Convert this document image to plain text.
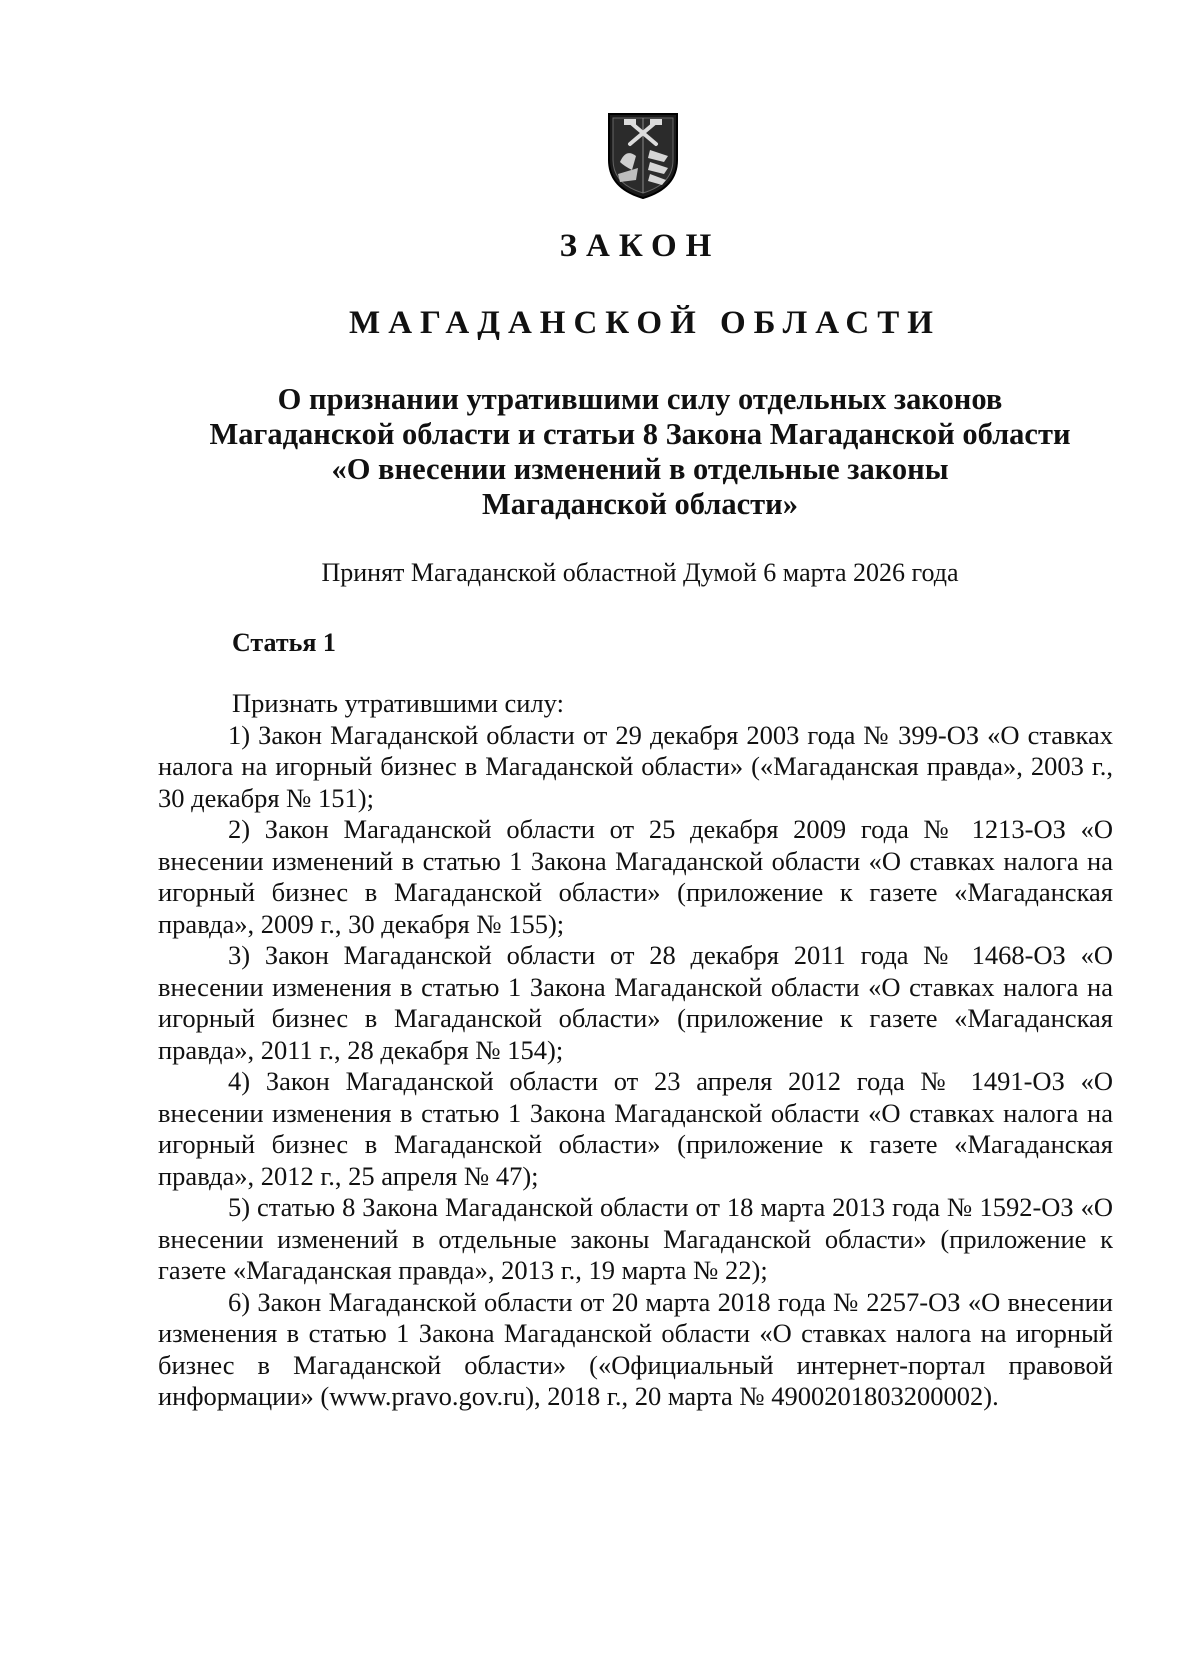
ЗАКОН
МАГАДАНСКОЙ ОБЛАСТИ
О признании утратившими силу отдельных законов
Магаданской области и статьи 8 Закона Магаданской области
«О внесении изменений в отдельные законы
Магаданской области»
Принят Магаданской областной Думой 6 марта 2026 года
Статья 1

Признать утратившими силу:

1) Закон Магаданской области от 29 декабря 2003 года № 399-ОЗ «О ставках налога на игорный бизнес в Магаданской области» («Магаданская правда», 2003 г., 30 декабря № 151);

2) Закон Магаданской области от 25 декабря 2009 года № 1213-ОЗ «О внесении изменений в статью 1 Закона Магаданской области «О ставках налога на игорный бизнес в Магаданской области» (приложение к газете «Магаданская правда», 2009 г., 30 декабря № 155);

3) Закон Магаданской области от 28 декабря 2011 года № 1468-ОЗ «О внесении изменения в статью 1 Закона Магаданской области «О ставках налога на игорный бизнес в Магаданской области» (приложение к газете «Магаданская правда», 2011 г., 28 декабря № 154);

4) Закон Магаданской области от 23 апреля 2012 года № 1491-ОЗ «О внесении изменения в статью 1 Закона Магаданской области «О ставках налога на игорный бизнес в Магаданской области» (приложение к газете «Магаданская правда», 2012 г., 25 апреля № 47);

5) статью 8 Закона Магаданской области от 18 марта 2013 года № 1592-ОЗ «О внесении изменений в отдельные законы Магаданской области» (приложение к газете «Магаданская правда», 2013 г., 19 марта № 22);

6) Закон Магаданской области от 20 марта 2018 года № 2257-ОЗ «О внесении изменения в статью 1 Закона Магаданской области «О ставках налога на игорный бизнес в Магаданской области» («Официальный интернет-портал правовой информации» (www.pravo.gov.ru), 2018 г., 20 марта № 4900201803200002).
